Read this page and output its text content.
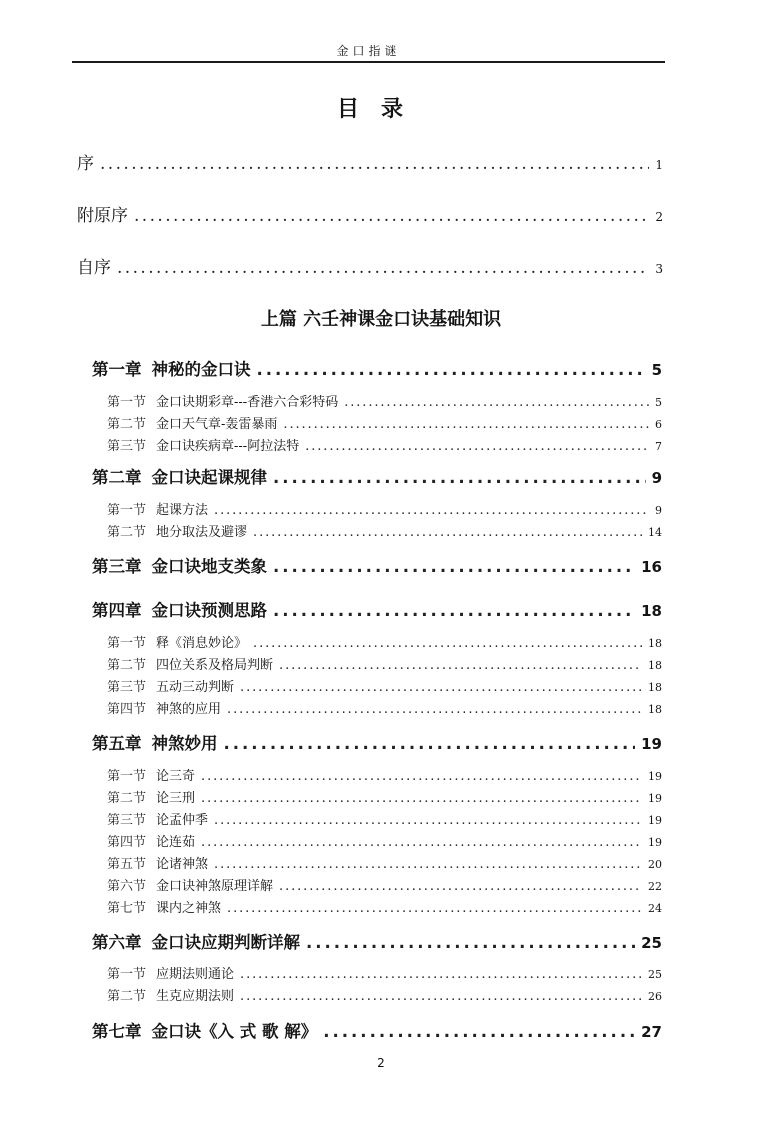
金口指谜
目录
序 .....	1
附原序 .....	2
自序 .....	3
上篇 六壬神课金口诀基础知识
第一章 神秘的金口诀 .....	5
第一节 金口诀期彩章---香港六合彩特码 .....	5
第二节 金口天气章-轰雷暴雨 .....	6
第三节 金口诀疾病章---阿拉法特 .....	7
第二章 金口诀起课规律 .....	9
第一节 起课方法 .....	9
第二节 地分取法及避谬 .....	14
第三章 金口诀地支类象 .....	16
第四章 金口诀预测思路 .....	18
第一节 释《消息妙论》 .....	18
第二节 四位关系及格局判断 .....	18
第三节 五动三动判断 .....	18
第四节 神煞的应用 .....	18
第五章 神煞妙用 .....	19
第一节 论三奇 .....	19
第二节 论三刑 .....	19
第三节 论孟仲季 .....	19
第四节 论连茹 .....	19
第五节 论诸神煞 .....	20
第六节 金口诀神煞原理详解 .....	22
第七节 课内之神煞 .....	24
第六章 金口诀应期判断详解 .....	25
第一节 应期法则通论 .....	25
第二节 生克应期法则 .....	26
第七章 金口诀《入 式 歌 解》 .....	27
2
